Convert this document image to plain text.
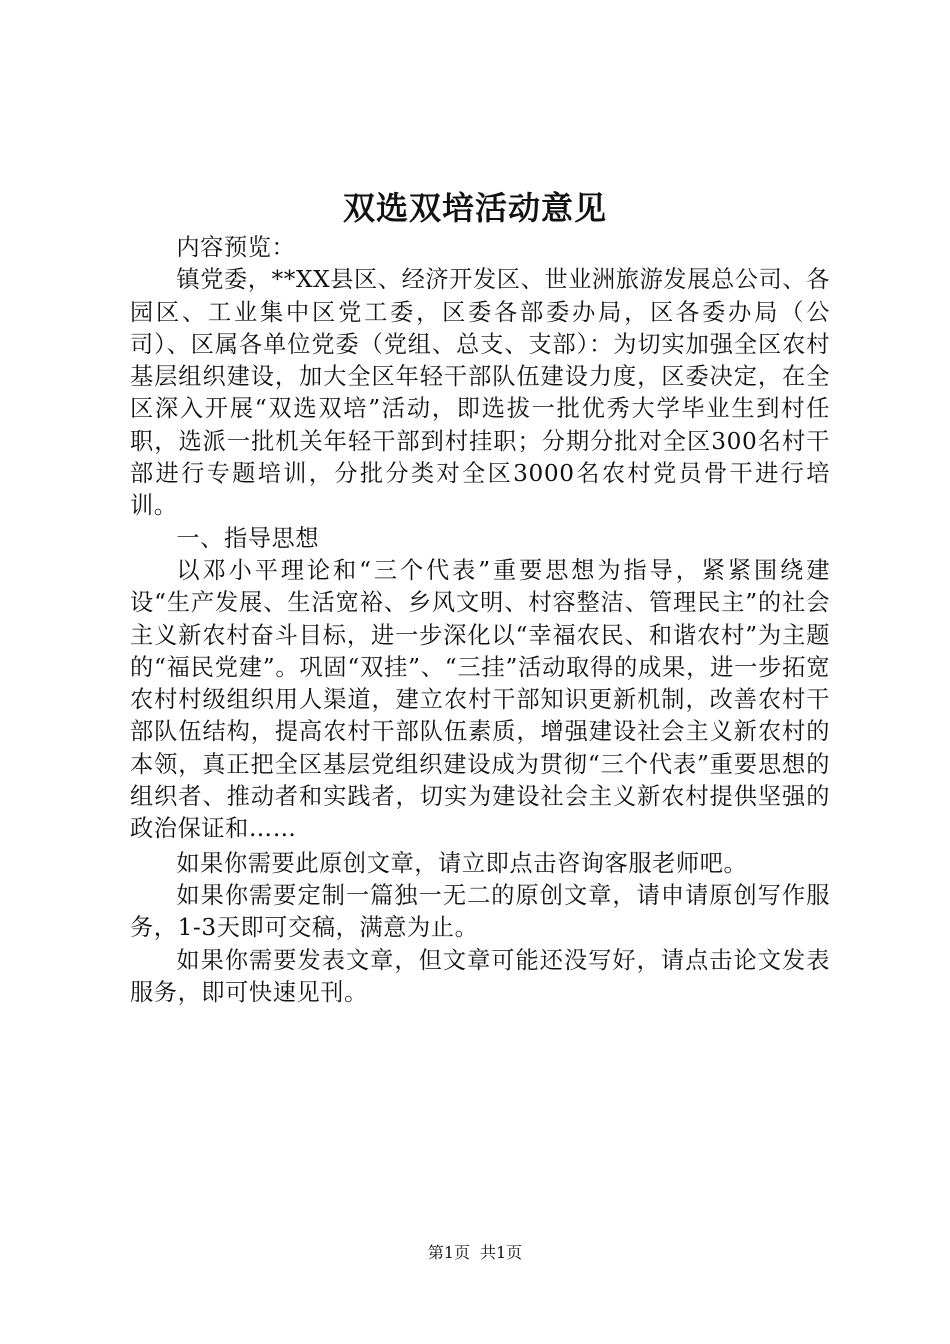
双选双培活动意见

内容预览：

镇党委，**XX县区、经济开发区、世业洲旅游发展总公司、各园区、工业集中区党工委，区委各部委办局，区各委办局（公司）、区属各单位党委（党组、总支、支部）：为切实加强全区农村基层组织建设，加大全区年轻干部队伍建设力度，区委决定，在全区深入开展“双选双培”活动，即选拔一批优秀大学毕业生到村任职，选派一批机关年轻干部到村挂职；分期分批对全区300名村干部进行专题培训，分批分类对全区3000名农村党员骨干进行培训。

一、指导思想

以邓小平理论和“三个代表”重要思想为指导，紧紧围绕建设“生产发展、生活宽裕、乡风文明、村容整洁、管理民主”的社会主义新农村奋斗目标，进一步深化以“幸福农民、和谐农村”为主题的“福民党建”。巩固“双挂”、“三挂”活动取得的成果，进一步拓宽农村村级组织用人渠道，建立农村干部知识更新机制，改善农村干部队伍结构，提高农村干部队伍素质，增强建设社会主义新农村的本领，真正把全区基层党组织建设成为贯彻“三个代表”重要思想的组织者、推动者和实践者，切实为建设社会主义新农村提供坚强的政治保证和……

如果你需要此原创文章，请立即点击咨询客服老师吧。

如果你需要定制一篇独一无二的原创文章，请申请原创写作服务，1-3天即可交稿，满意为止。

如果你需要发表文章，但文章可能还没写好，请点击论文发表服务，即可快速见刊。

第1页 共1页
